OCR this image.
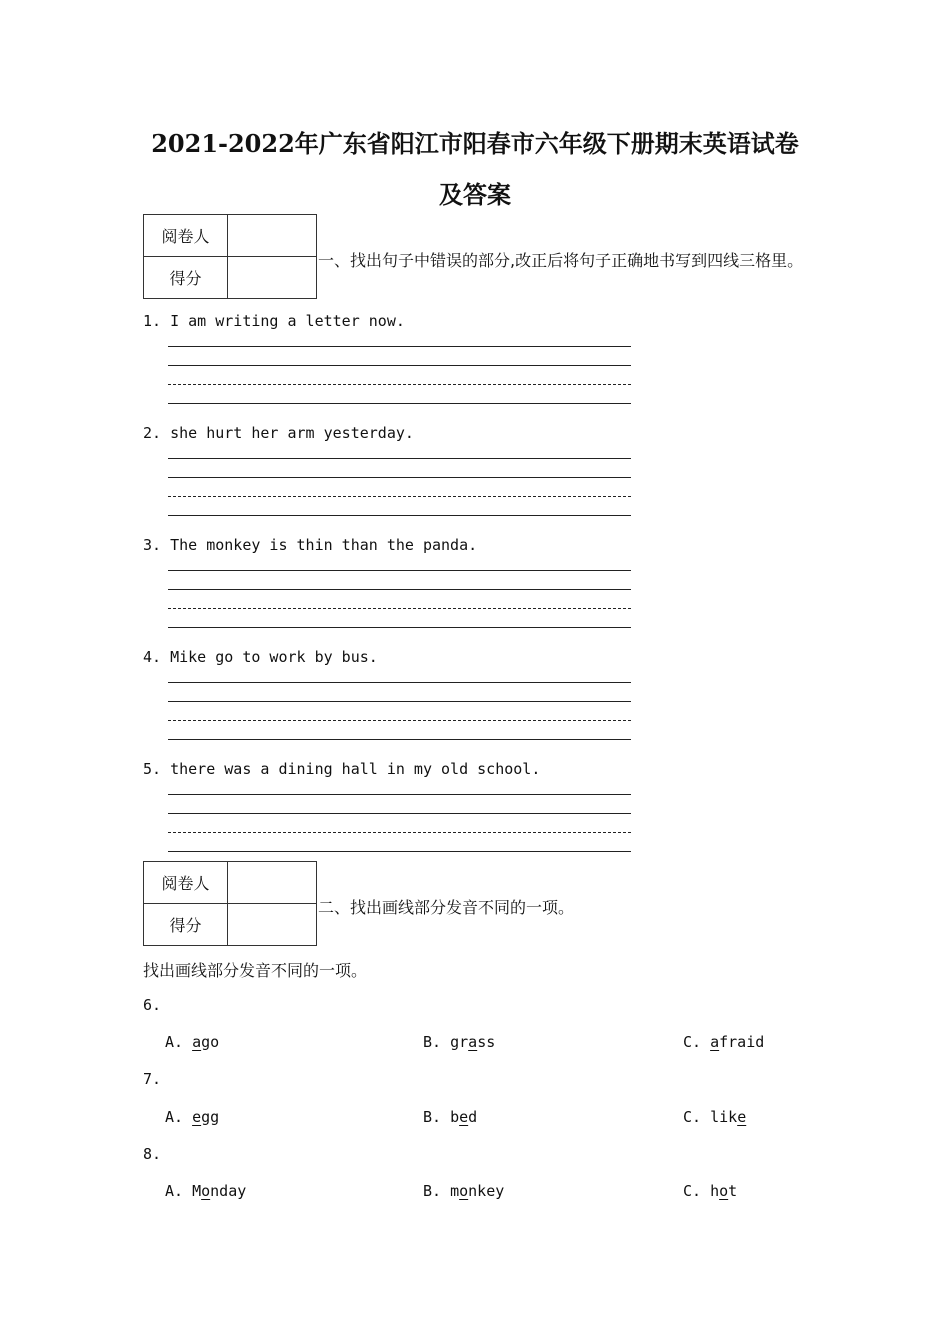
2021-2022年广东省阳江市阳春市六年级下册期末英语试卷
及答案
阅卷人	
得分	
一、找出句子中错误的部分,改正后将句子正确地书写到四线三格里。
1. I am writing a letter now.
2. she hurt her arm yesterday.
3. The monkey is thin than the panda.
4. Mike go to work by bus.
5. there was a dining hall in my old school.
阅卷人	
得分	
二、找出画线部分发音不同的一项。
找出画线部分发音不同的一项。
6.
A. ago	B. grass	C. afraid
7.
A. egg	B. bed	C. like
8.
A. Monday	B. monkey	C. hot
